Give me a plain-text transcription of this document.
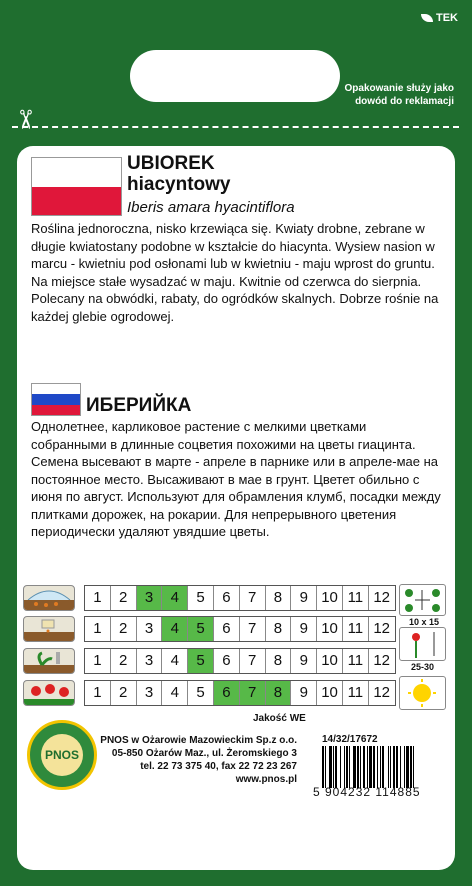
TEK
✂
Opakowanie służy jako dowód do reklamacji
UBIOREK
hiacyntowy
Iberis amara hyacintiflora
Roślina jednoroczna, nisko krzewiąca się. Kwiaty drobne, zebrane w długie kwiatostany podobne w kształcie do hiacynta. Wysiew nasion w marcu - kwietniu pod osłonami lub w kwietniu - maju wprost do gruntu. Na miejsce stałe wysadzać w maju. Kwitnie od czerwca do sierpnia. Polecany na obwódki, rabaty, do ogródków skalnych. Dobrze rośnie na każdej glebie ogrodowej.
ИБЕРИЙКА
Однолетнее, карликовое растение с мелкими цветками собранными в длинные соцветия похожими на цветы гиацинта. Семена высевают в марте - апреле в парнике или в апреле-мае на постоянное место. Высаживают в мае в грунт. Цветет обильно с июня по август. Используют для обрамления клумб, посадки между плитками дорожек, на рокарии. Для непрерывного цветения периодически удаляют увядшие цветы.
1	2	3	4	5	6	7	8	9 10 11 12
1	2	3	4	5	6	7	8	9 10 11 12
1	2	3	4	5	6	7	8	9 10 11 12
1	2	3	4	5	6	7	8	9 10 11 12
10 x 15
25-30
PNOS
Jakość WE
PNOS w Ożarowie Mazowieckim Sp.z o.o.
05-850 Ożarów Maz., ul. Żeromskiego 3
tel. 22 73 375 40, fax 22 72 23 267
www.pnos.pl
14/32/17672
5 904232 114885
